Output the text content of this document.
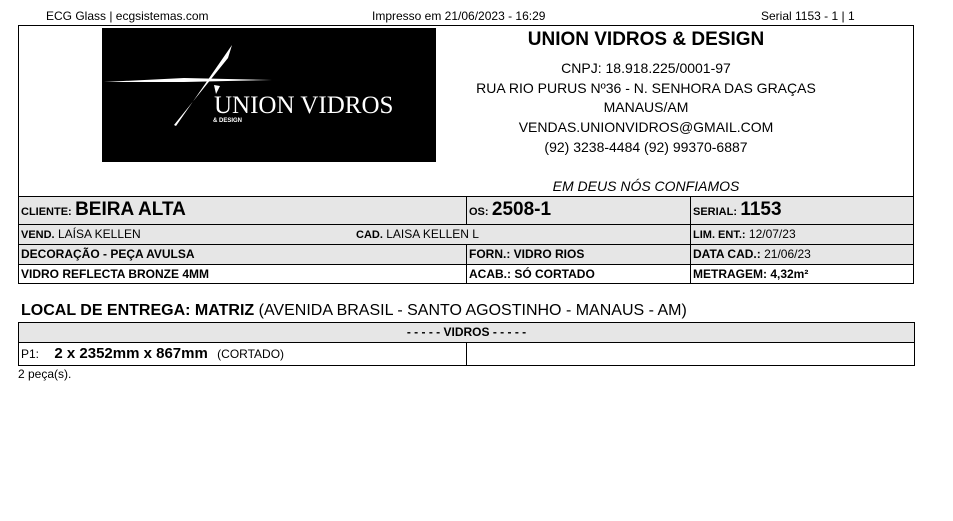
ECG Glass | ecgsistemas.com	Impresso em 21/06/2023 - 16:29	Serial 1153 - 1 | 1
UNION VIDROS
& DESIGN
UNION VIDROS & DESIGN
CNPJ: 18.918.225/0001-97
RUA RIO PURUS Nº36 - N. SENHORA DAS GRAÇAS
MANAUS/AM
VENDAS.UNIONVIDROS@GMAIL.COM
(92) 3238-4484 (92) 99370-6887
EM DEUS NÓS CONFIAMOS
CLIENTE: BEIRA ALTA	OS: 2508-1	SERIAL: 1153
VEND. LAÍSA KELLEN	CAD. LAISA KELLEN L	LIM. ENT.: 12/07/23
DECORAÇÃO - PEÇA AVULSA	FORN.: VIDRO RIOS	DATA CAD.: 21/06/23
VIDRO REFLECTA BRONZE 4MM	ACAB.: SÓ CORTADO	METRAGEM: 4,32m²
LOCAL DE ENTREGA: MATRIZ (AVENIDA BRASIL - SANTO AGOSTINHO - MANAUS - AM)
- - - - - VIDROS - - - - -
P1: 2 x 2352mm x 867mm (CORTADO)
2 peça(s).
